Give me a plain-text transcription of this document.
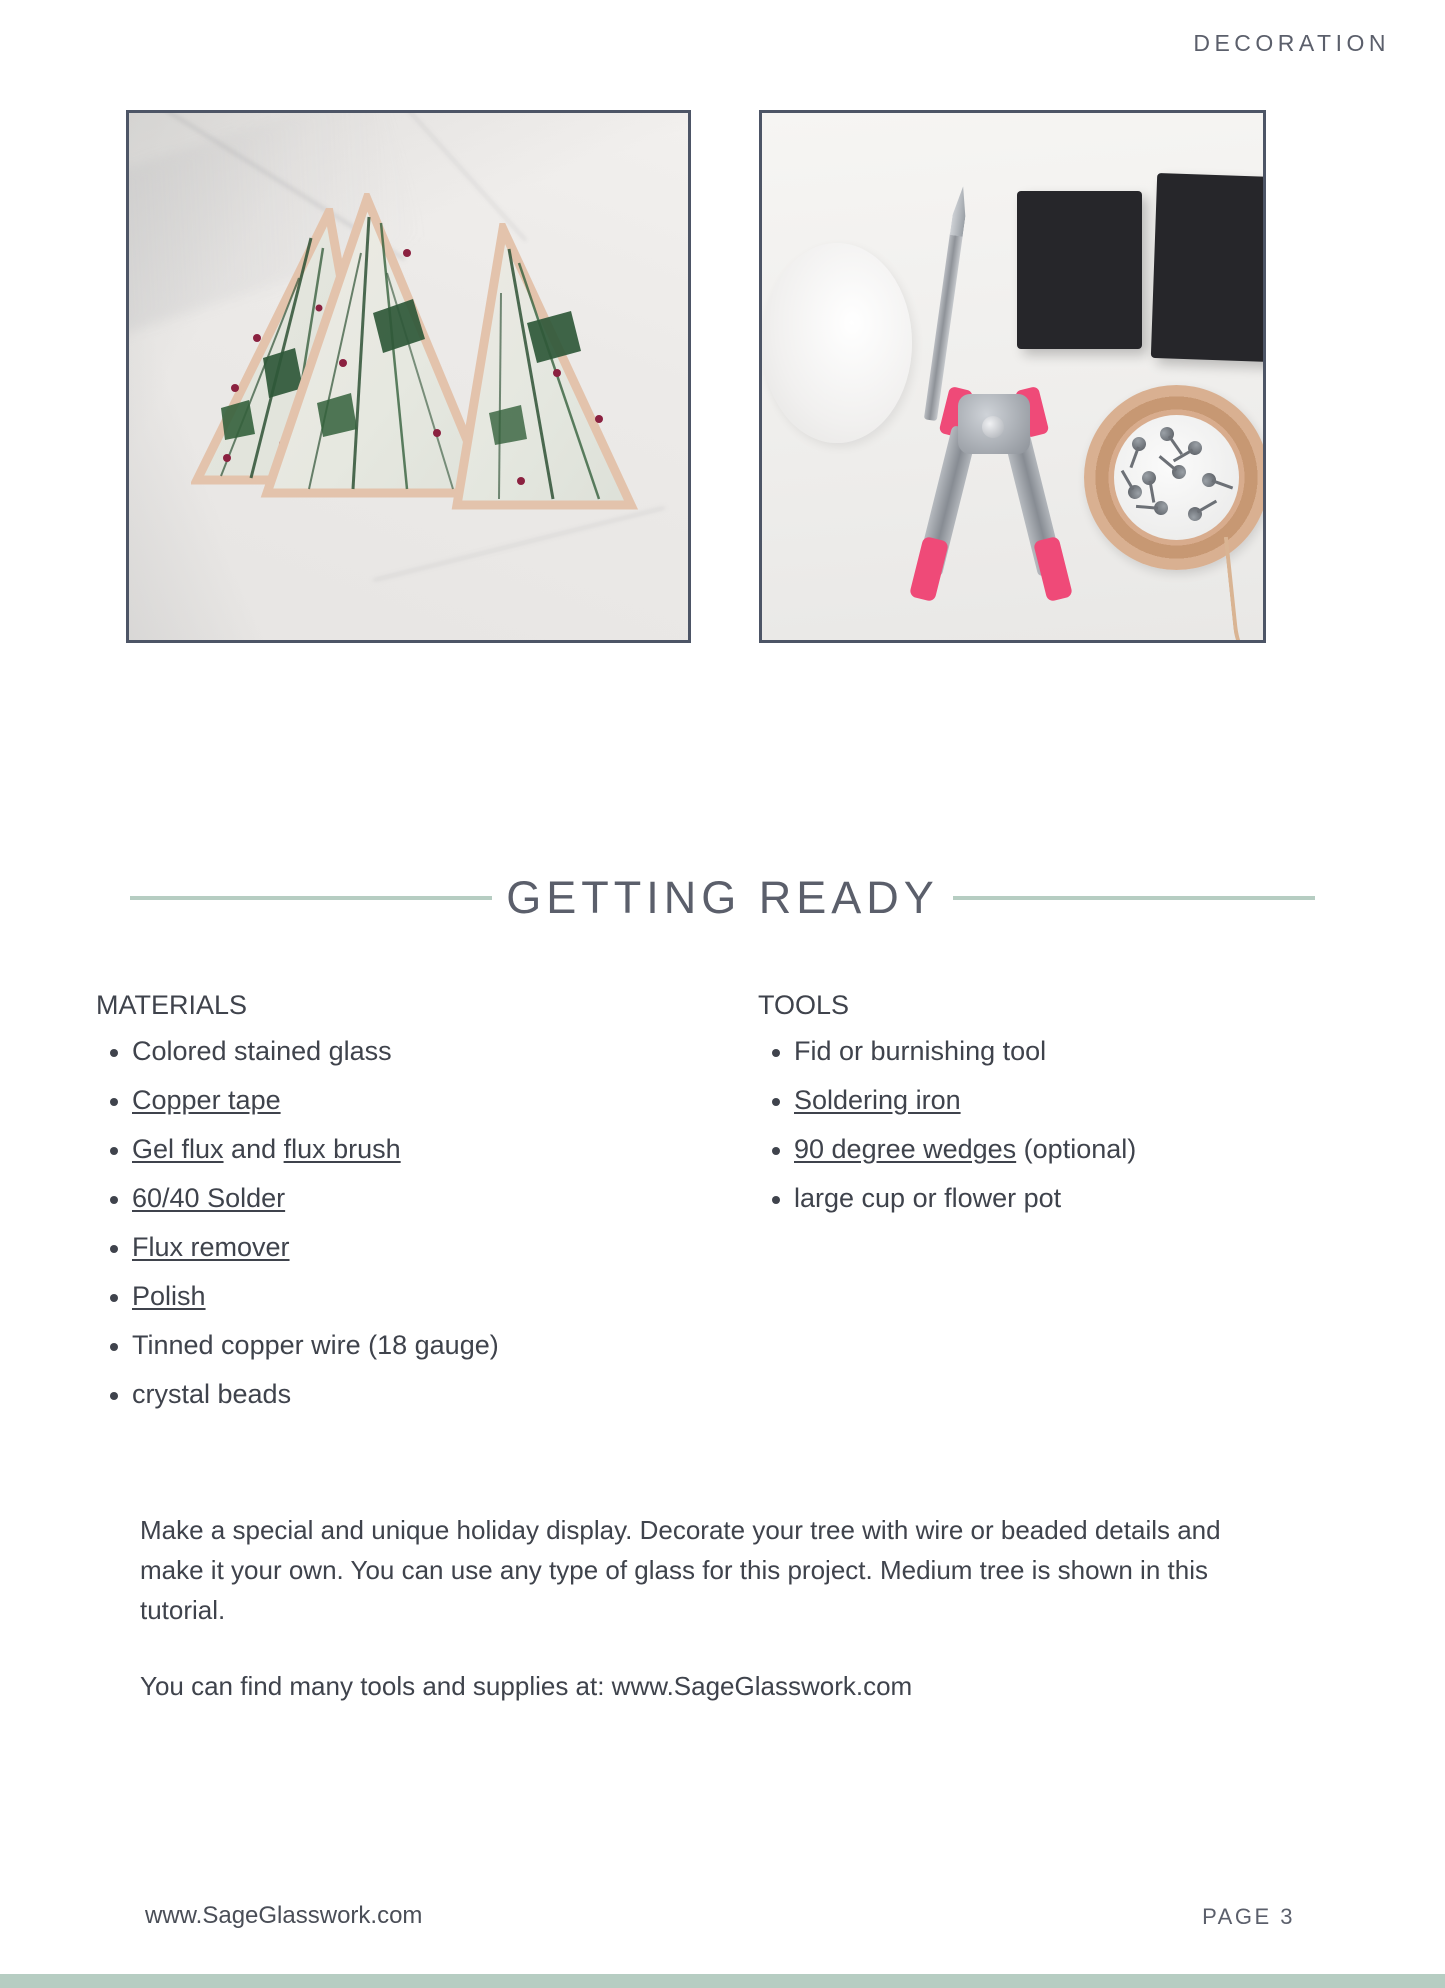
DECORATION
GETTING READY
MATERIALS
Colored stained glass
Copper tape
Gel flux and flux brush
60/40 Solder
Flux remover
Polish
Tinned copper wire (18 gauge)
crystal beads
TOOLS
Fid or burnishing tool
Soldering iron
90 degree wedges (optional)
large cup or flower pot

Make a special and unique holiday display. Decorate your tree with wire or beaded details and make it your own. You can use any type of glass for this project. Medium tree is shown in this tutorial.

You can find many tools and supplies at: www.SageGlasswork.com

www.SageGlasswork.com	PAGE 3
